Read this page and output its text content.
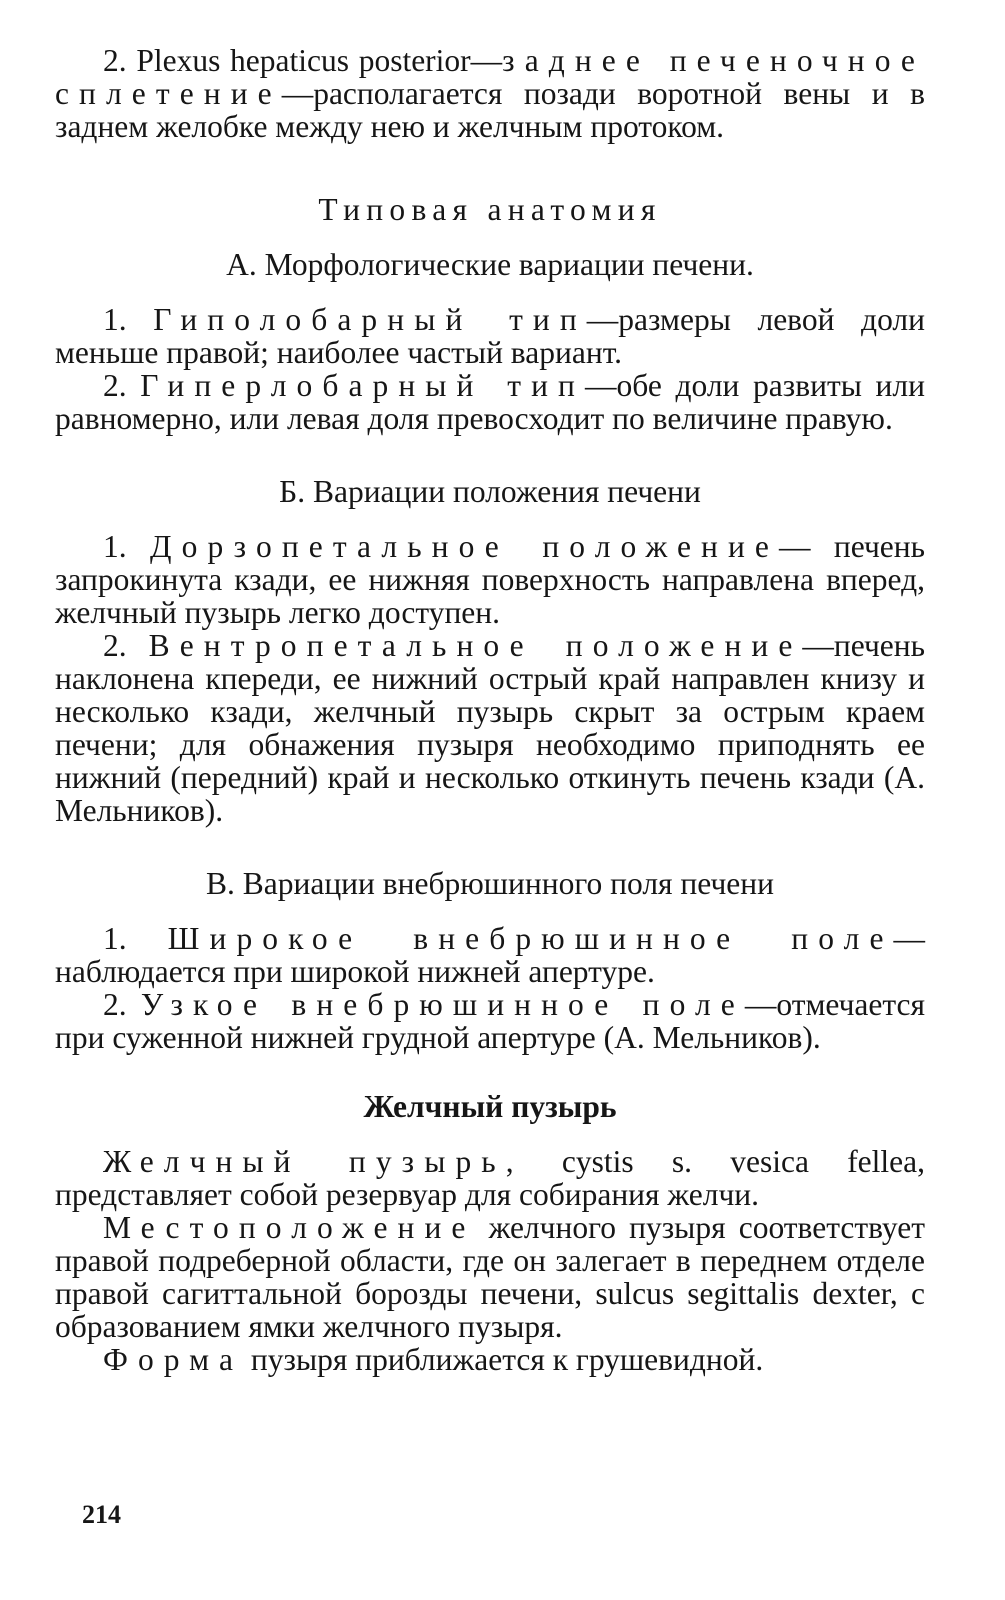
2. Plexus hepaticus posterior—заднее печеночное сплетение—располагается позади воротной вены и в заднем желобке между нею и желчным протоком.

Типовая анатомия
А. Морфологические вариации печени.

1. Гиполобарный тип—размеры левой доли меньше правой; наиболее частый вариант.

2. Гиперлобарный тип—обе доли развиты или равномерно, или левая доля превосходит по величине правую.

Б. Вариации положения печени

1. Дорзопетальное положение— печень запрокинута кзади, ее нижняя поверхность направлена вперед, желчный пузырь легко доступен.

2. Вентропетальное положение—печень наклонена кпереди, ее нижний острый край направлен книзу и несколько кзади, желчный пузырь скрыт за острым краем печени; для обнажения пузыря необходимо приподнять ее нижний (передний) край и несколько откинуть печень кзади (А. Мельников).

В. Вариации внебрюшинного поля печени

1. Широкое внебрюшинное поле—наблюдается при широкой нижней апертуре.

2. Узкое внебрюшинное поле—отмечается при суженной нижней грудной апертуре (А. Мельников).

Желчный пузырь

Желчный пузырь, cystis s. vesica fellea, представляет собой резервуар для собирания желчи.

Местоположение желчного пузыря соответствует правой подреберной области, где он залегает в переднем отделе правой сагиттальной борозды печени, sulcus segittalis dexter, с образованием ямки желчного пузыря.

Форма пузыря приближается к грушевидной.

214
